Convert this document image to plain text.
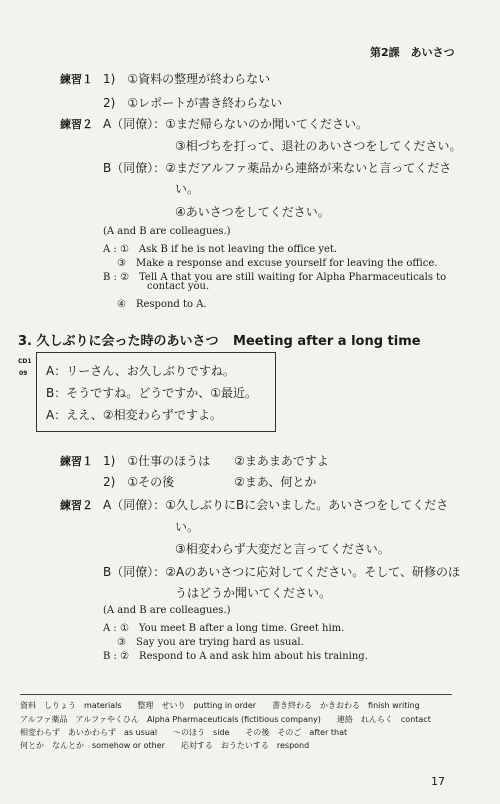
第2課　あいさつ
練習１ 1)　①資料の整理が終わらない
2)　①レポートが書き終わらない
練習２ A（同僚）：①まだ帰らないのか聞いてください。
③相づちを打って、退社のあいさつをしてください。
B（同僚）：②まだアルファ薬品から連絡が来ないと言ってくださ
い。
④あいさつをしてください。
(A and B are colleagues.)
A : ①　Ask B if he is not leaving the office yet.
③　Make a response and excuse yourself for leaving the office.
B : ②　Tell A that you are still waiting for Alpha Pharmaceuticals to
contact you.
④　Respond to A.
3. 久しぶりに会った時のあいさつ Meeting after a long time
CD1
09 A：リーさん、お久しぶりですね。
B：そうですね。どうですか、①最近。
A：ええ、②相変わらずですよ。
練習１ 1)　①仕事のほうは　　②まあまあですよ
2)　①その後　　　　　②まあ、何とか
練習２ A（同僚）：①久しぶりにBに会いました。あいさつをしてくださ
い。
③相変わらず大変だと言ってください。
B（同僚）：②Aのあいさつに応対してください。そして、研修のほ
うはどうか聞いてください。
(A and B are colleagues.)
A : ①　You meet B after a long time. Greet him.
③　Say you are trying hard as usual.
B : ②　Respond to A and ask him about his training.
資料　しりょう　materials　　整理　せいり　putting in order　　書き終わる　かきおわる　finish writing
アルファ薬品　アルファやくひん　Alpha Pharmaceuticals (fictitious company)　　連絡　れんらく　contact
相変わらず　あいかわらず　as usual　　〜のほう　side　　その後　そのご　after that
何とか　なんとか　somehow or other　　応対する　おうたいする　respond
17
